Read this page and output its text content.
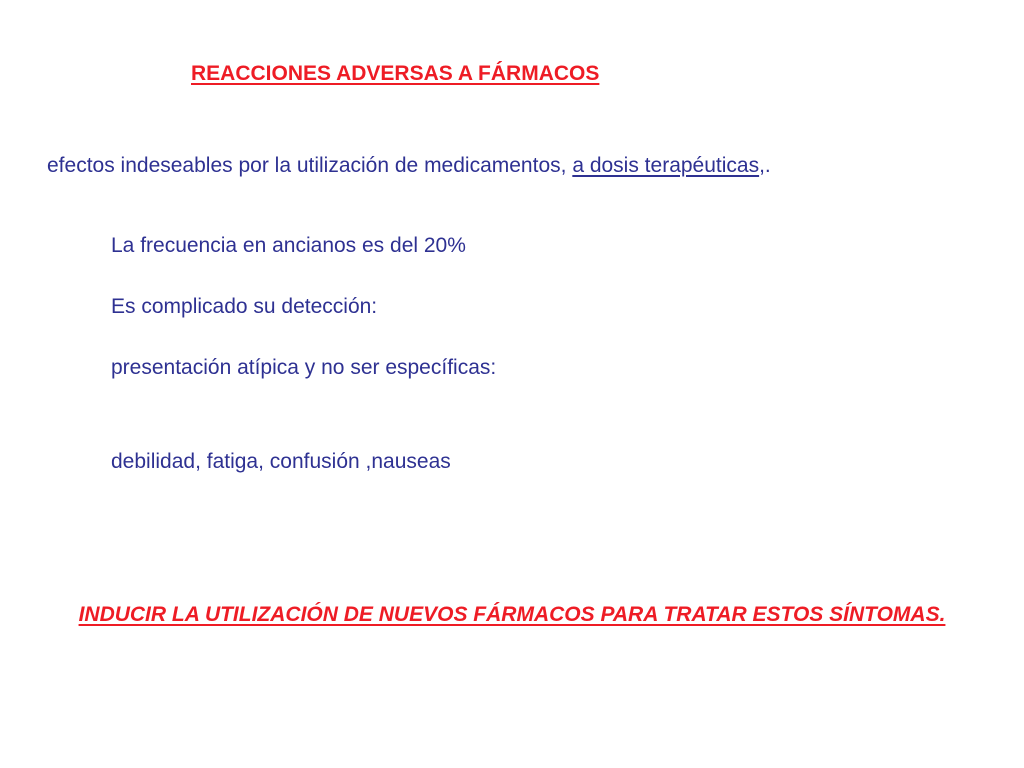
REACCIONES ADVERSAS A FÁRMACOS
efectos indeseables por la utilización de medicamentos, a dosis terapéuticas,.
La frecuencia en ancianos es del 20%
Es complicado su detección:
presentación atípica y no ser específicas:
debilidad, fatiga, confusión ,nauseas
INDUCIR LA UTILIZACIÓN DE NUEVOS FÁRMACOS PARA TRATAR ESTOS SÍNTOMAS.
